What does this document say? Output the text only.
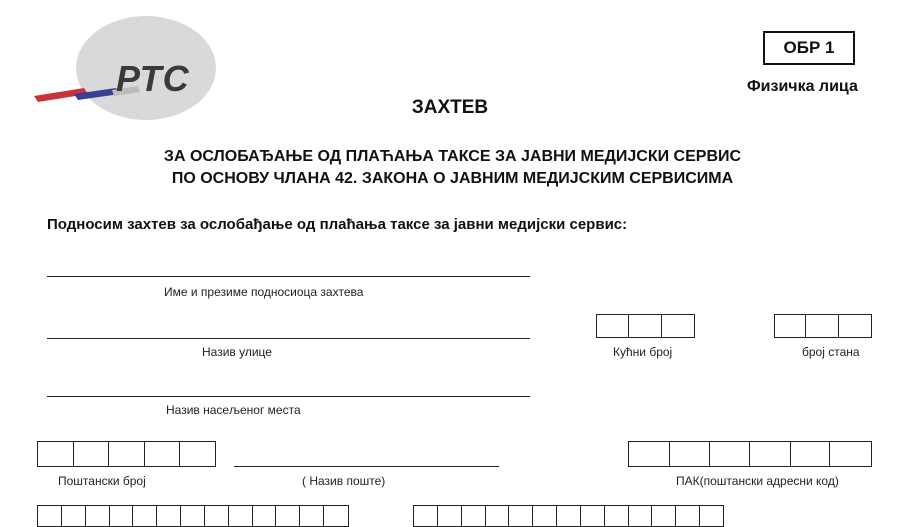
РТС
ОБР 1
Физичка лица
ЗАХТЕВ
ЗА ОСЛОБАЂАЊЕ ОД ПЛАЋАЊА ТАКСЕ ЗА ЈАВНИ МЕДИЈСКИ СЕРВИС
ПО ОСНОВУ ЧЛАНА 42. ЗАКОНА О ЈАВНИМ МЕДИЈСКИМ СЕРВИСИМА
Подносим захтев за ослобађање од плаћања таксе за јавни медијски сервис:
Име и презиме подносиоца захтева
Назив улице	Кућни број	број стана
Назив насељеног места
Поштански број	( Назив поште)	ПАК(поштански адресни код)
